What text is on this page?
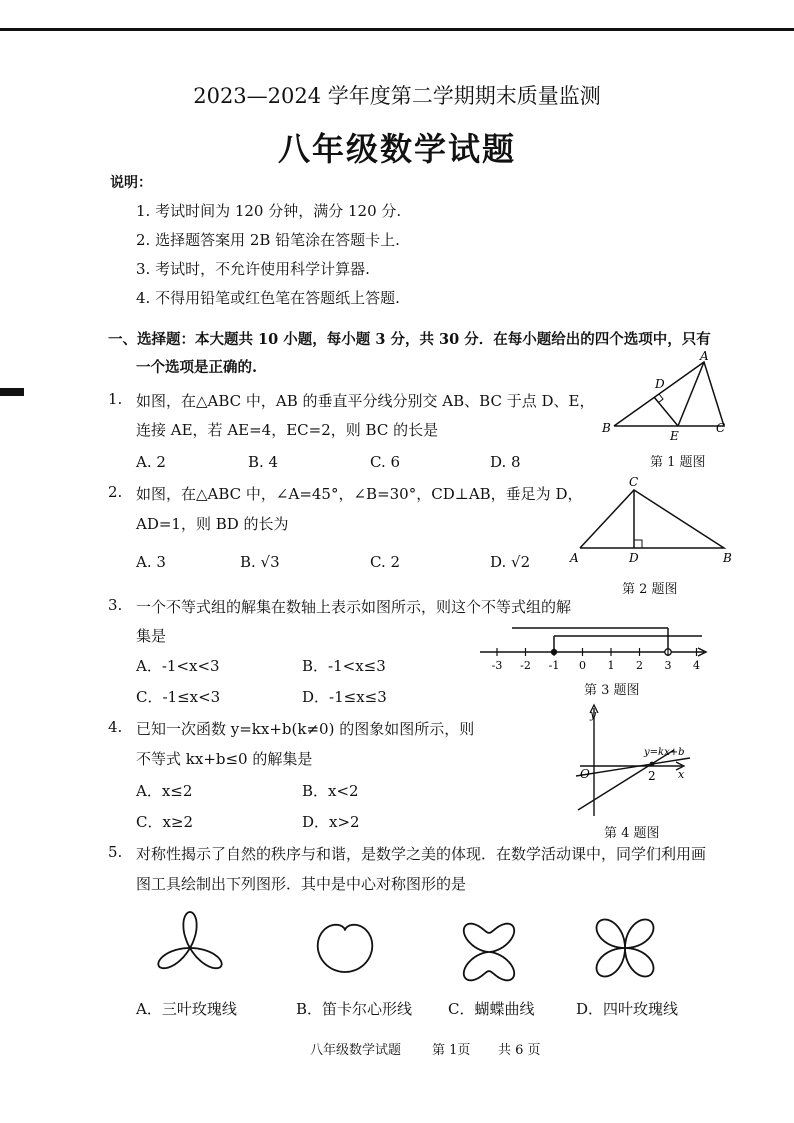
2023—2024 学年度第二学期期末质量监测
八年级数学试题
说明：
1. 考试时间为 120 分钟，满分 120 分.
2. 选择题答案用 2B 铅笔涂在答题卡上.
3. 考试时，不允许使用科学计算器.
4. 不得用铅笔或红色笔在答题纸上答题.
一、选择题：本大题共 10 小题，每小题 3 分，共 30 分．在每小题给出的四个选项中，只有
一个选项是正确的.
1. 如图，在△ABC 中，AB 的垂直平分线分别交 AB、BC 于点 D、E，
连接 AE，若 AE=4，EC=2，则 BC 的长是
A. 2	B. 4	C. 6	D. 8
A
D
B
E
C
第 1 题图
2. 如图，在△ABC 中，∠A=45°，∠B=30°，CD⊥AB，垂足为 D，
AD=1，则 BD 的长为
A. 3	B. √3	C. 2	D. √2
C
A	D	B
第 2 题图
3. 一个不等式组的解集在数轴上表示如图所示，则这个不等式组的解
集是
A．-1<x<3	B．-1<x≤3
C．-1≤x<3	D．-1≤x≤3
-3 -2 -1 0 1 2 3 4
第 3 题图
4. 已知一次函数 y=kx+b(k≠0) 的图象如图所示，则
不等式 kx+b≤0 的解集是
A．x≤2	B．x<2
C．x≥2	D．x>2
y
y=kx+b
O	2 x
第 4 题图
5. 对称性揭示了自然的秩序与和谐，是数学之美的体现．在数学活动课中，同学们利用画
图工具绘制出下列图形．其中是中心对称图形的是
A．三叶玫瑰线	B．笛卡尔心形线 C．蝴蝶曲线	D．四叶玫瑰线
八年级数学试题 第 1页 共 6 页
